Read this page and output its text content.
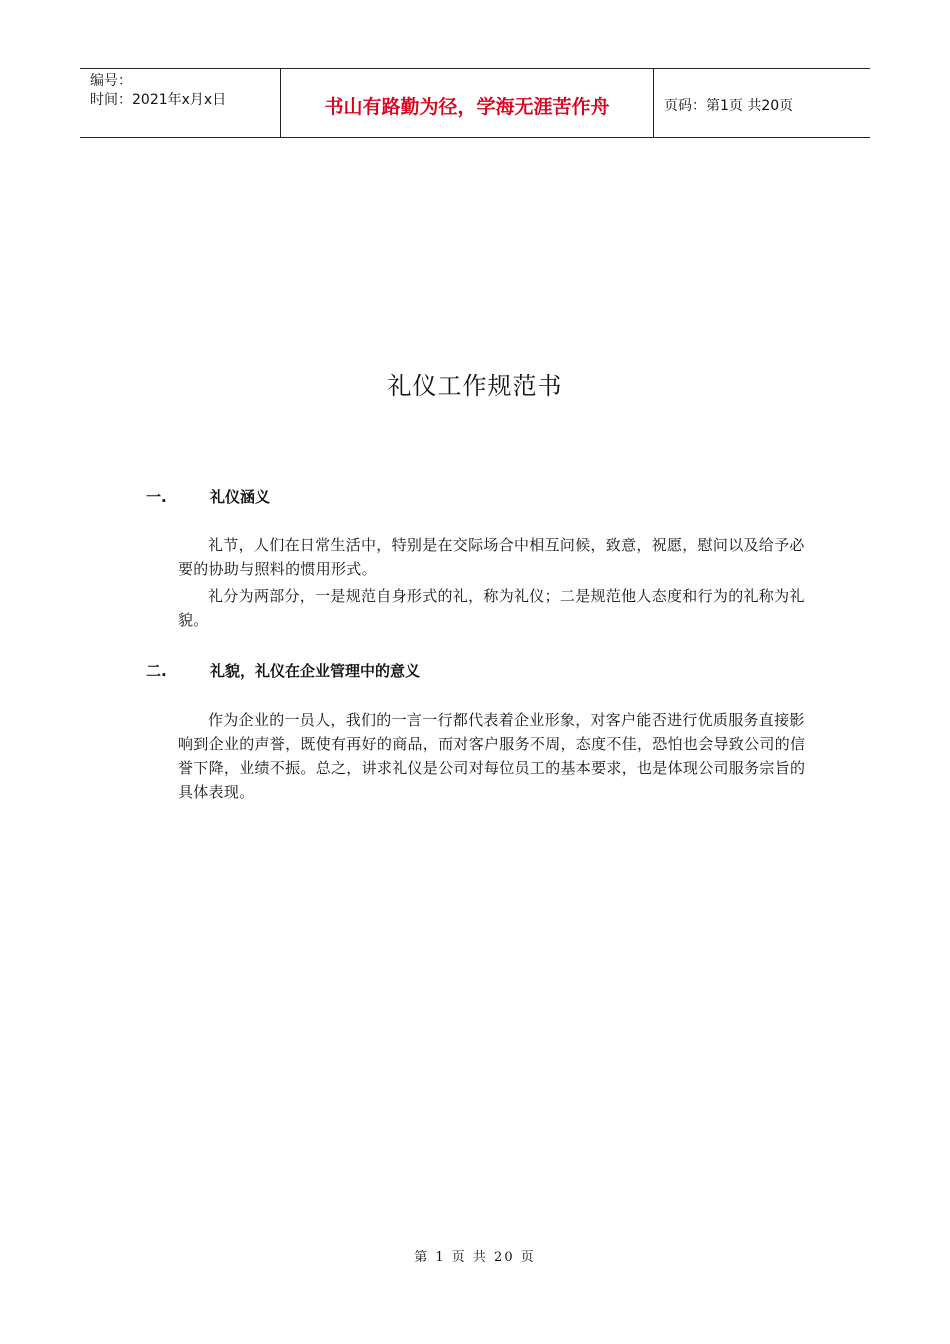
编号：
时间：2021年x月x日	书山有路勤为径，学海无涯苦作舟	页码：第1页 共20页
礼仪工作规范书
一.	礼仪涵义

礼节，人们在日常生活中，特别是在交际场合中相互问候，致意，祝愿，慰问以及给予必要的协助与照料的惯用形式。

礼分为两部分，一是规范自身形式的礼，称为礼仪；二是规范他人态度和行为的礼称为礼貌。

二.	礼貌，礼仪在企业管理中的意义

作为企业的一员人，我们的一言一行都代表着企业形象，对客户能否进行优质服务直接影响到企业的声誉，既使有再好的商品，而对客户服务不周，态度不佳，恐怕也会导致公司的信誉下降，业绩不振。总之，讲求礼仪是公司对每位员工的基本要求，也是体现公司服务宗旨的具体表现。

第 1 页 共 20 页
